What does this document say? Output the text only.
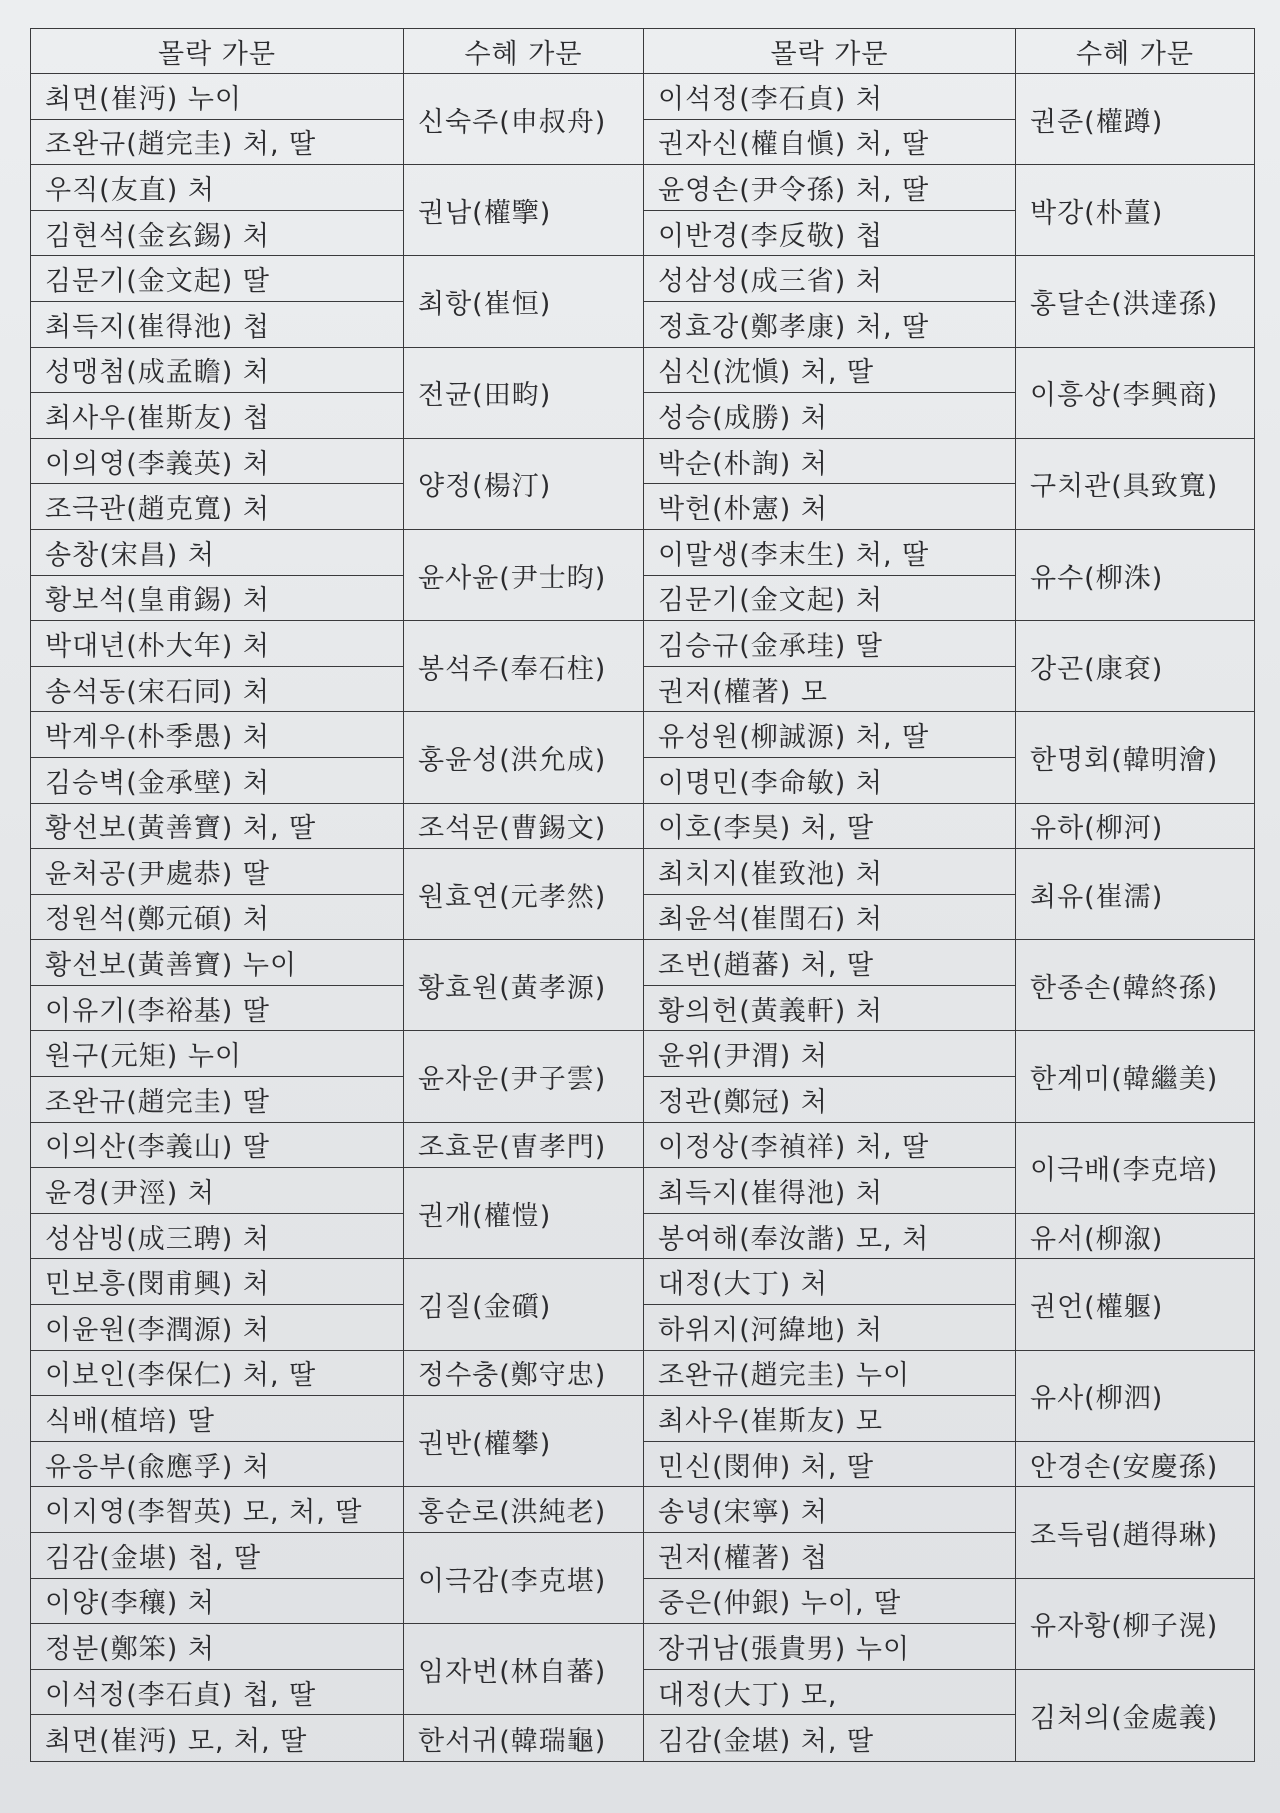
몰락 가문	수혜 가문	몰락 가문	수혜 가문
최면(崔沔) 누이	신숙주(申叔舟)	이석정(李石貞) 처	권준(權蹲)
조완규(趙完圭) 처, 딸		권자신(權自愼) 처, 딸	
우직(友直) 처	권남(權擥)	윤영손(尹令孫) 처, 딸	박강(朴薑)
김현석(金玄錫) 처		이반경(李反敬) 첩	
김문기(金文起) 딸	최항(崔恒)	성삼성(成三省) 처	홍달손(洪達孫)
최득지(崔得池) 첩		정효강(鄭孝康) 처, 딸	
성맹첨(成孟瞻) 처	전균(田畇)	심신(沈愼) 처, 딸	이흥상(李興商)
최사우(崔斯友) 첩		성승(成勝) 처	
이의영(李義英) 처	양정(楊汀)	박순(朴詢) 처	구치관(具致寬)
조극관(趙克寬) 처		박헌(朴憲) 처	
송창(宋昌) 처	윤사윤(尹士昀)	이말생(李末生) 처, 딸	유수(柳洙)
황보석(皇甫錫) 처		김문기(金文起) 처	
박대년(朴大年) 처	봉석주(奉石柱)	김승규(金承珪) 딸	강곤(康袞)
송석동(宋石同) 처		권저(權著) 모	
박계우(朴季愚) 처	홍윤성(洪允成)	유성원(柳誠源) 처, 딸	한명회(韓明澮)
김승벽(金承壁) 처		이명민(李命敏) 처	
황선보(黃善寶) 처, 딸	조석문(曹錫文)	이호(李昊) 처, 딸	유하(柳河)
윤처공(尹處恭) 딸	원효연(元孝然)	최치지(崔致池) 처	최유(崔濡)
정원석(鄭元碩) 처		최윤석(崔閏石) 처	
황선보(黃善寶) 누이	황효원(黃孝源)	조번(趙蕃) 처, 딸	한종손(韓終孫)
이유기(李裕基) 딸		황의헌(黃義軒) 처	
원구(元矩) 누이	윤자운(尹子雲)	윤위(尹渭) 처	한계미(韓繼美)
조완규(趙完圭) 딸		정관(鄭冠) 처	
이의산(李義山) 딸	조효문(曺孝門)	이정상(李禎祥) 처, 딸	이극배(李克培)
윤경(尹涇) 처	권개(權愷)	최득지(崔得池) 처	
성삼빙(成三聘) 처		봉여해(奉汝諧) 모, 처	유서(柳溆)
민보흥(閔甫興) 처	김질(金礩)	대정(大丁) 처	권언(權躽)
이윤원(李潤源) 처		하위지(河緯地) 처	
이보인(李保仁) 처, 딸	정수충(鄭守忠)	조완규(趙完圭) 누이	유사(柳泗)
식배(植培) 딸	권반(權攀)	최사우(崔斯友) 모	
유응부(兪應孚) 처		민신(閔伸) 처, 딸	안경손(安慶孫)
이지영(李智英) 모, 처, 딸	홍순로(洪純老)	송녕(宋寧) 처	조득림(趙得琳)
김감(金堪) 첩, 딸	이극감(李克堪)	권저(權著) 첩	
이양(李穰) 처		중은(仲銀) 누이, 딸	유자황(柳子滉)
정분(鄭笨) 처	임자번(林自蕃)	장귀남(張貴男) 누이	
이석정(李石貞) 첩, 딸		대정(大丁) 모,	김처의(金處義)
최면(崔沔) 모, 처, 딸	한서귀(韓瑞龜)	김감(金堪) 처, 딸	
